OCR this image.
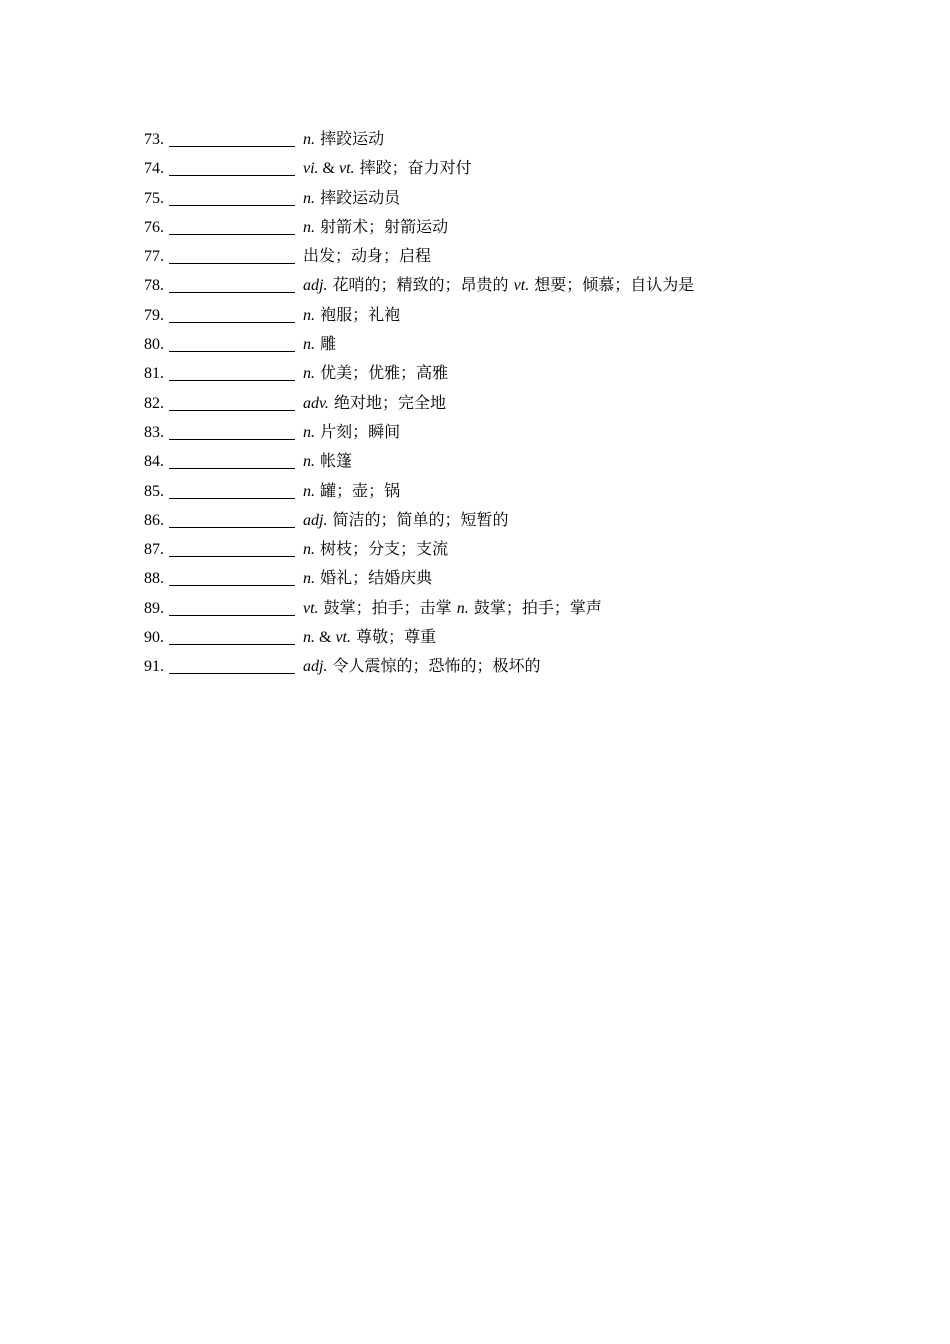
73.	n. 摔跤运动
74.	vi. & vt. 摔跤；奋力对付
75.	n. 摔跤运动员
76.	n. 射箭术；射箭运动
77.	出发；动身；启程
78.	adj. 花哨的；精致的；昂贵的 vt. 想要；倾慕；自认为是
79.	n. 袍服；礼袍
80.	n. 雕
81.	n. 优美；优雅；高雅
82.	adv. 绝对地；完全地
83.	n. 片刻；瞬间
84.	n. 帐篷
85.	n. 罐；壶；锅
86.	adj. 简洁的；简单的；短暂的
87.	n. 树枝；分支；支流
88.	n. 婚礼；结婚庆典
89.	vt. 鼓掌；拍手；击掌 n. 鼓掌；拍手；掌声
90.	n. & vt. 尊敬；尊重
91.	adj. 令人震惊的；恐怖的；极坏的
